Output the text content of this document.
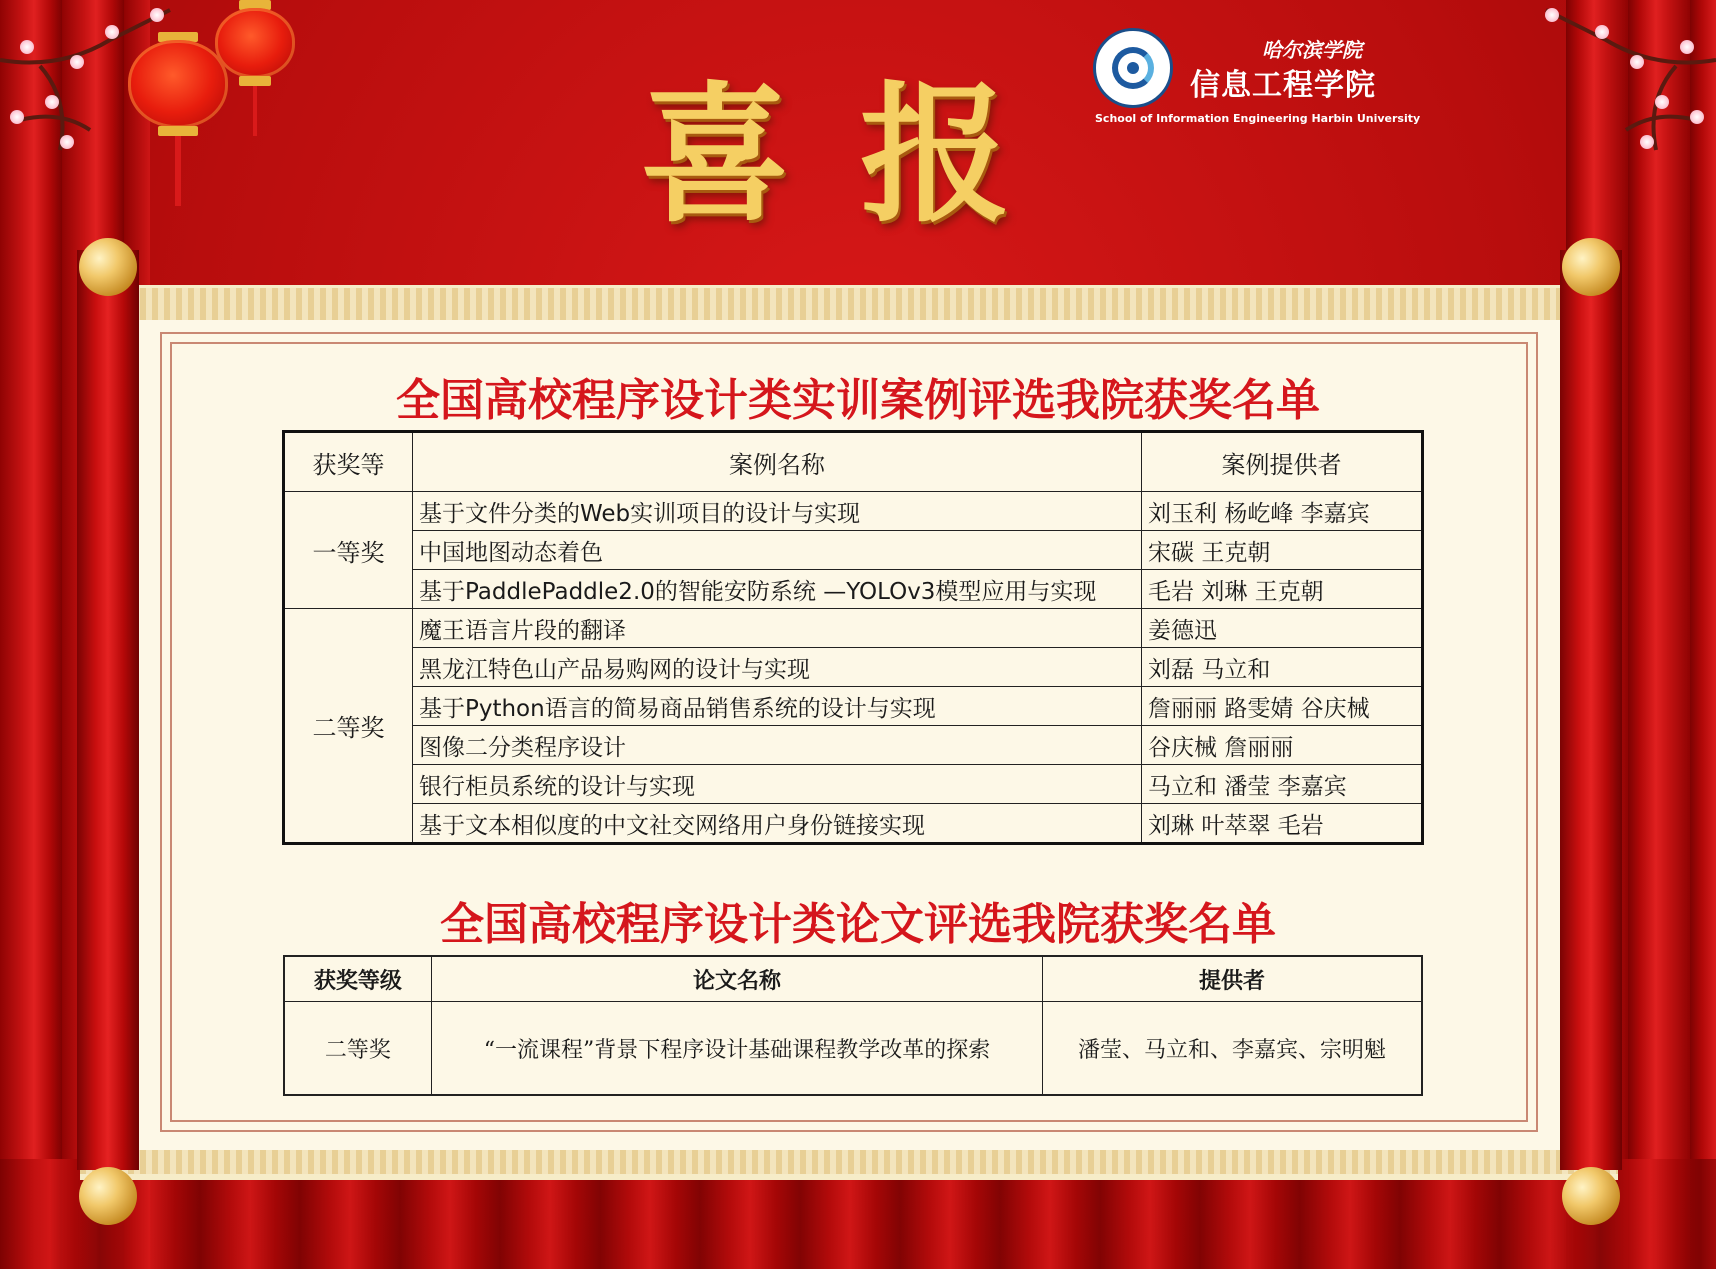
喜报
哈尔滨学院
信息工程学院
School of Information Engineering Harbin University
全国高校程序设计类实训案例评选我院获奖名单
获奖等	案例名称	案例提供者
一等奖	基于文件分类的Web实训项目的设计与实现	刘玉利 杨屹峰 李嘉宾
	中国地图动态着色	宋碳 王克朝
	基于PaddlePaddle2.0的智能安防系统 —YOLOv3模型应用与实现	毛岩 刘琳 王克朝
二等奖	魔王语言片段的翻译	姜德迅
	黑龙江特色山产品易购网的设计与实现	刘磊 马立和
	基于Python语言的简易商品销售系统的设计与实现	詹丽丽 路雯婧 谷庆械
	图像二分类程序设计	谷庆械 詹丽丽
	银行柜员系统的设计与实现	马立和 潘莹 李嘉宾
	基于文本相似度的中文社交网络用户身份链接实现	刘琳 叶萃翠 毛岩
全国高校程序设计类论文评选我院获奖名单
获奖等级	论文名称	提供者
二等奖	“一流课程”背景下程序设计基础课程教学改革的探索	潘莹、马立和、李嘉宾、宗明魁
